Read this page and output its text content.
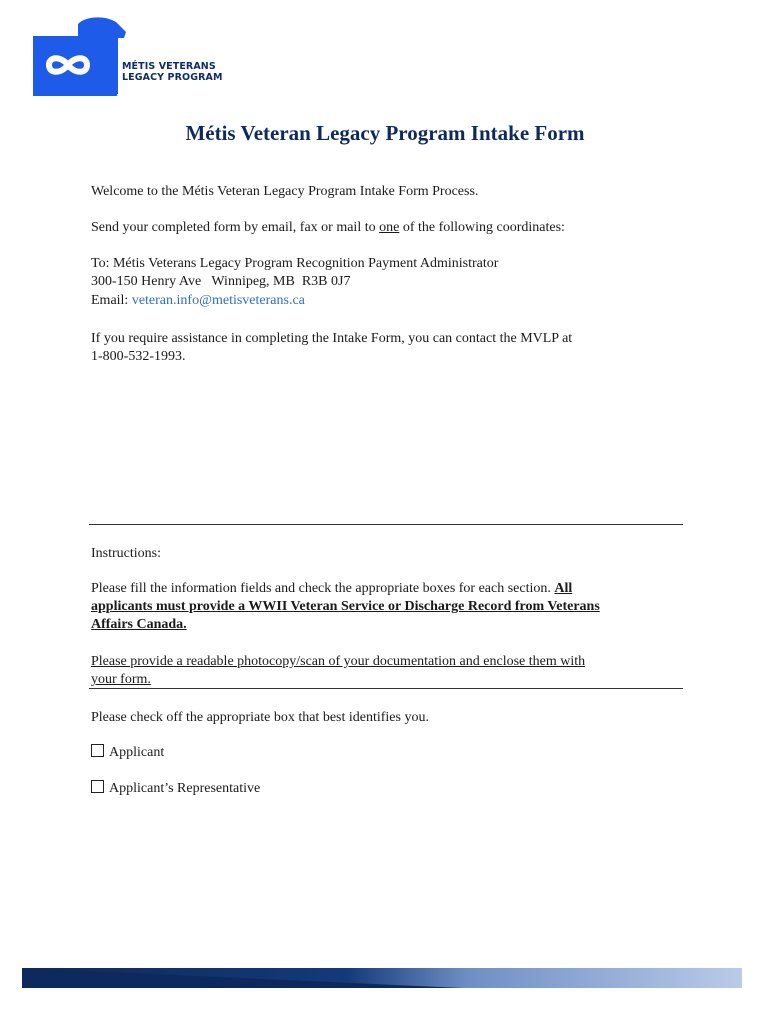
MÉTIS VETERANS
LEGACY PROGRAM
Métis Veteran Legacy Program Intake Form
Welcome to the Métis Veteran Legacy Program Intake Form Process.
Send your completed form by email, fax or mail to one of the following coordinates:
To: Métis Veterans Legacy Program Recognition Payment Administrator
300-150 Henry Ave   Winnipeg, MB  R3B 0J7
Email: veteran.info@metisveterans.ca
If you require assistance in completing the Intake Form, you can contact the MVLP at
1-800-532-1993.
Instructions:
Please fill the information fields and check the appropriate boxes for each section. All
applicants must provide a WWII Veteran Service or Discharge Record from Veterans
Affairs Canada.
Please provide a readable photocopy/scan of your documentation and enclose them with
your form.
Please check off the appropriate box that best identifies you.
Applicant
Applicant’s Representative
